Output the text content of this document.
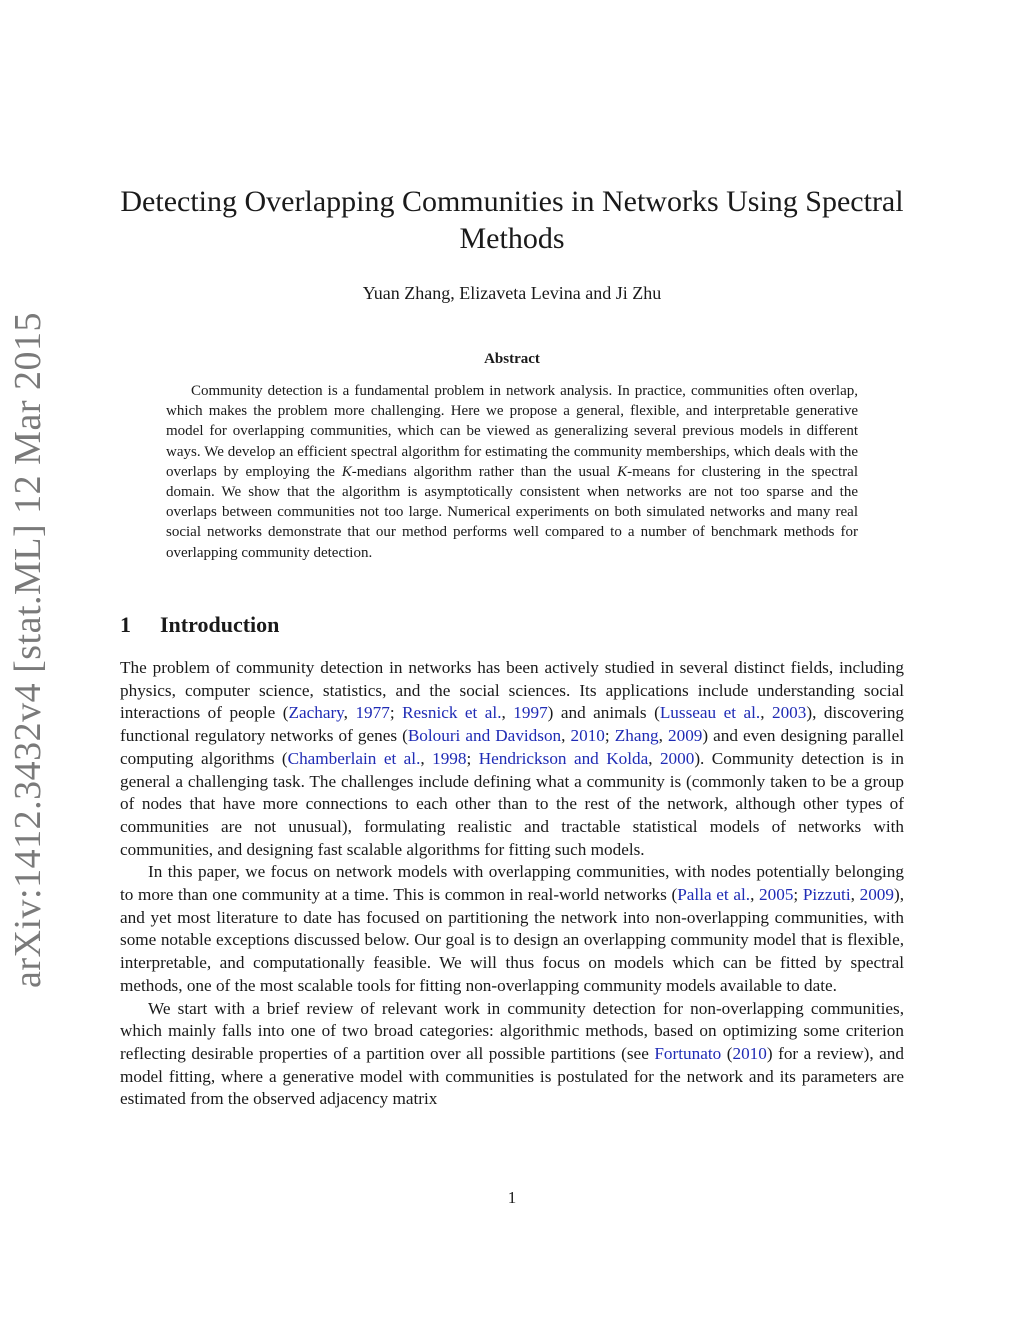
arXiv:1412.3432v4 [stat.ML] 12 Mar 2015
Detecting Overlapping Communities in Networks Using Spectral Methods
Yuan Zhang, Elizaveta Levina and Ji Zhu
Abstract

Community detection is a fundamental problem in network analysis. In practice, communities often overlap, which makes the problem more challenging. Here we propose a general, flexible, and interpretable generative model for overlapping communities, which can be viewed as generalizing several previous models in different ways. We develop an efficient spectral algorithm for estimating the community memberships, which deals with the overlaps by employing the K-medians algorithm rather than the usual K-means for clustering in the spectral domain. We show that the algorithm is asymptotically consistent when networks are not too sparse and the overlaps between communities not too large. Numerical experiments on both simulated networks and many real social networks demonstrate that our method performs well compared to a number of benchmark methods for overlapping community detection.

1 Introduction

The problem of community detection in networks has been actively studied in several distinct fields, including physics, computer science, statistics, and the social sciences. Its applications include understanding social interactions of people (Zachary, 1977; Resnick et al., 1997) and animals (Lusseau et al., 2003), discovering functional regulatory networks of genes (Bolouri and Davidson, 2010; Zhang, 2009) and even designing parallel computing algorithms (Chamberlain et al., 1998; Hendrickson and Kolda, 2000). Community detection is in general a challenging task. The challenges include defining what a community is (commonly taken to be a group of nodes that have more connections to each other than to the rest of the network, although other types of communities are not unusual), formulating realistic and tractable statistical models of networks with communities, and designing fast scalable algorithms for fitting such models.

In this paper, we focus on network models with overlapping communities, with nodes potentially belonging to more than one community at a time. This is common in real-world networks (Palla et al., 2005; Pizzuti, 2009), and yet most literature to date has focused on partitioning the network into non-overlapping communities, with some notable exceptions discussed below. Our goal is to design an overlapping community model that is flexible, interpretable, and computationally feasible. We will thus focus on models which can be fitted by spectral methods, one of the most scalable tools for fitting non-overlapping community models available to date.

We start with a brief review of relevant work in community detection for non-overlapping communities, which mainly falls into one of two broad categories: algorithmic methods, based on optimizing some criterion reflecting desirable properties of a partition over all possible partitions (see Fortunato (2010) for a review), and model fitting, where a generative model with communities is postulated for the network and its parameters are estimated from the observed adjacency matrix

1
